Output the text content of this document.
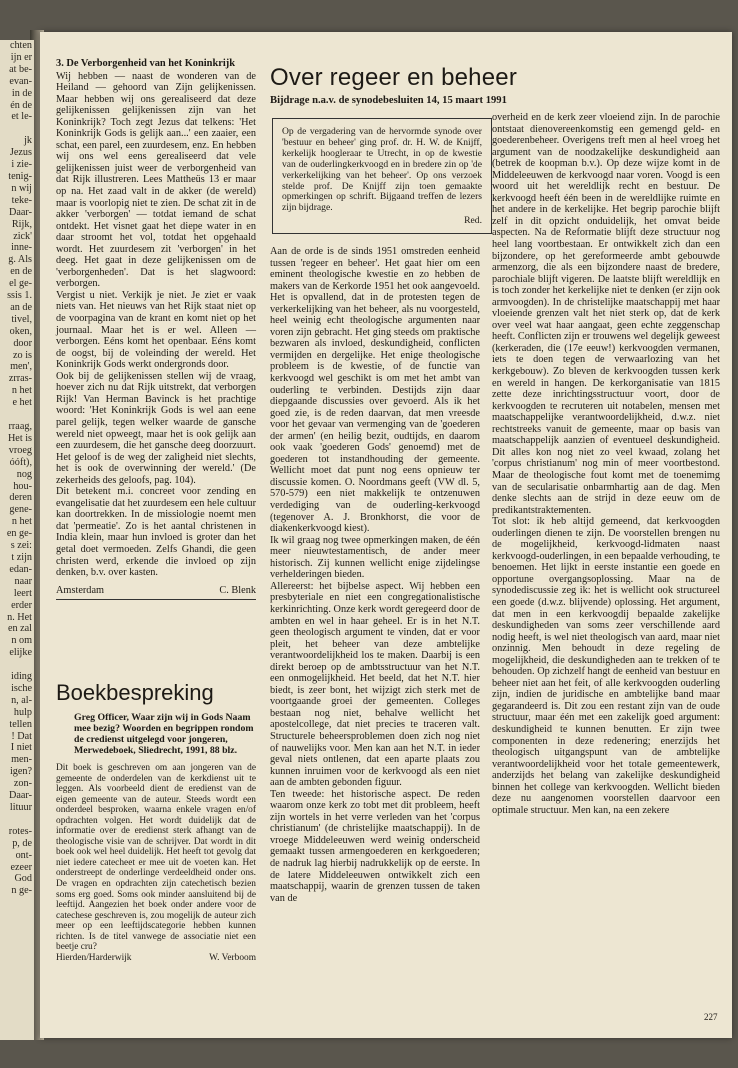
chten

ijn er

at be-

evan-

in de

én de

et le-

jk

Jezus

i zie-

tenig-

n wij

teke-

Daar-

Rijk,

zick'

inne-

g. Als

en de

el ge-

ssis 1.

an de

tivel,

oken,

door

zo is

men',

zrras-

n het

e het

rraag,

Het is

vroeg

óóft),

nog

hou-

deren

gene-

n het

en ge-

s zei:

t zijn

edan-

naar

leert

erder

n. Het

en zal

n om

elijke

iding

ische

n, al-

hulp

tellen

! Dat

I niet

men-

igen?

zon-

Daar-

lituur

rotes-

p, de

ont-

ezeer

God

n ge-

3. De Verborgenheid van het Koninkrijk

Wij hebben — naast de wonderen van de Heiland — gehoord van Zijn gelijkenissen. Maar hebben wij ons gerealiseerd dat deze gelijkenissen gelijkenissen zijn van het Koninkrijk? Toch zegt Jezus dat telkens: 'Het Koninkrijk Gods is gelijk aan...' een zaaier, een schat, een parel, een zuurdesem, enz. En hebben wij ons wel eens gerealiseerd dat vele gelijkenissen juist weer de verborgenheid van dat Rijk illustreren. Lees Mattheüs 13 er maar op na. Het zaad valt in de akker (de wereld) maar is voorlopig niet te zien. De schat zit in de akker 'verborgen' — totdat iemand de schat ontdekt. Het visnet gaat het diepe water in en daar stroomt het vol, totdat het opgehaald wordt. Het zuurdesem zit 'verborgen' in het deeg. Het gaat in deze gelijkenissen om de 'verborgenheden'. Dat is het slagwoord: verborgen.

Vergist u niet. Verkijk je niet. Je ziet er vaak niets van. Het nieuws van het Rijk staat niet op de voorpagina van de krant en komt niet op het journaal. Maar het is er wel. Alleen — verborgen. Eéns komt het openbaar. Eéns komt de oogst, bij de voleinding der wereld. Het Koninkrijk Gods werkt ondergronds door.

Ook bij de gelijkenissen stellen wij de vraag, hoever zich nu dat Rijk uitstrekt, dat verborgen Rijk! Van Herman Bavinck is het prachtige woord: 'Het Koninkrijk Gods is wel aan eene parel gelijk, tegen welker waarde de gansche wereld niet opweegt, maar het is ook gelijk aan een zuurdesem, die het gansche deeg doorzuurt. Het geloof is de weg der zaligheid niet slechts, het is ook de overwinning der wereld.' (De zekerheids des geloofs, pag. 104).

Dit betekent m.i. concreet voor zending en evangelisatie dat het zuurdesem een hele cultuur kan doortrekken. In de missiologie noemt men dat 'permeatie'. Zo is het aantal christenen in India klein, maar hun invloed is groter dan het getal doet vermoeden. Zelfs Ghandi, die geen christen werd, erkende die invloed op zijn denken, b.v. over kasten.

Amsterdam	C. Blenk
Boekbespreking

Greg Officer, Waar zijn wij in Gods Naam mee bezig? Woorden en begrippen rondom de credienst uitgelegd voor jongeren, Merwedeboek, Sliedrecht, 1991, 88 blz.

Dit boek is geschreven om aan jongeren van de gemeente de onderdelen van de kerkdienst uit te leggen. Als voorbeeld dient de eredienst van de eigen gemeente van de auteur. Steeds wordt een onderdeel besproken, waarna enkele vragen en/of opdrachten volgen. Het wordt duidelijk dat de informatie over de eredienst sterk afhangt van de theologische visie van de schrijver. Dat wordt in dit boek ook wel heel duidelijk. Het heeft tot gevolg dat niet iedere catecheet er mee uit de voeten kan. Het onderstreept de onderlinge verdeeldheid onder ons. De vragen en opdrachten zijn catechetisch bezien soms erg goed. Soms ook minder aansluitend bij de leeftijd. Aangezien het boek onder andere voor de catechese geschreven is, zou mogelijk de auteur zich meer op een leeftijdscategorie hebben kunnen richten. Is de titel vanwege de associatie niet een beetje cru?

Hierden/Harderwijk	W. Verboom
Over regeer en beheer

Bijdrage n.a.v. de synodebesluiten 14, 15 maart 1991

Op de vergadering van de hervormde synode over 'bestuur en beheer' ging prof. dr. H. W. de Knijff, kerkelijk hoogleraar te Utrecht, in op de kwestie van de ouderlingkerkvoogd en in bredere zin op 'de verkerkelijking van het beheer'. Op ons verzoek stelde prof. De Knijff zijn toen gemaakte opmerkingen op schrift. Bijgaand treffen de lezers zijn bijdrage.
Red.

Aan de orde is de sinds 1951 omstreden eenheid tussen 'regeer en beheer'. Het gaat hier om een eminent theologische kwestie en zo hebben de makers van de Kerkorde 1951 het ook aangevoeld. Het is opvallend, dat in de protesten tegen de verkerkelijking van het beheer, als nu voorgesteld, heel weinig echt theologische argumenten naar voren zijn gebracht. Het ging steeds om praktische bezwaren als invloed, deskundigheid, conflicten vermijden en dergelijke. Het enige theologische probleem is de kwestie, of de functie van kerkvoogd wel geschikt is om met het ambt van ouderling te verbinden. Destijds zijn daar diepgaande discussies over gevoerd. Als ik het goed zie, is de reden daarvan, dat men vreesde voor het gevaar van vermenging van de 'goederen der armen' (en heilig bezit, oudtijds, en daarom ook vaak 'goederen Gods' genoemd) met de goederen tot instandhouding der gemeente. Wellicht moet dat punt nog eens opnieuw ter discussie komen. O. Noordmans geeft (VW dl. 5, 570-579) een niet makkelijk te ontzenuwen verdediging van de ouderling-kerkvoogd (tegenover A. J. Bronkhorst, die voor de diakenkerkvoogd kiest).

Ik wil graag nog twee opmerkingen maken, de één meer nieuwtestamentisch, de ander meer historisch. Zij kunnen wellicht enige zijdelingse verhelderingen bieden.

Allereerst: het bijbelse aspect. Wij hebben een presbyteriale en niet een congregationalistische kerkinrichting. Onze kerk wordt geregeerd door de ambten en wel in haar geheel. Er is in het N.T. geen theologisch argument te vinden, dat er voor pleit, het beheer van deze ambtelijke verantwoordelijkheid los te maken. Daarbij is een direkt beroep op de ambtsstructuur van het N.T. een onmogelijkheid. Het beeld, dat het N.T. hier biedt, is zeer bont, het wijzigt zich sterk met de voortgaande groei der gemeenten. Colleges bestaan nog niet, behalve wellicht het apostelcollege, dat niet precies te traceren valt. Structurele beheersproblemen doen zich nog niet of nauwelijks voor. Men kan aan het N.T. in ieder geval niets ontlenen, dat een aparte plaats zou kunnen inruimen voor de kerkvoogd als een niet aan de ambten gebonden figuur.

Ten tweede: het historische aspect. De reden waarom onze kerk zo tobt met dit probleem, heeft zijn wortels in het verre verleden van het 'corpus christianum' (de christelijke maatschappij). In de vroege Middeleeuwen werd weinig onderscheid gemaakt tussen armengoederen en kerkgoederen; de nadruk lag hierbij nadrukkelijk op de eerste. In de latere Middeleeuwen ontwikkelt zich een maatschappij, waarin de grenzen tussen de taken van de

overheid en de kerk zeer vloeiend zijn. In de parochie ontstaat dienovereenkomstig een gemengd geld- en goederenbeheer. Overigens treft men al heel vroeg het argument van de noodzakelijke deskundigheid aan (betrek de koopman b.v.). Op deze wijze komt in de Middeleeuwen de kerkvoogd naar voren. Voogd is een woord uit het wereldlijk recht en bestuur. De kerkvoogd heeft één been in de wereldlijke ruimte en het andere in de kerkelijke. Het begrip parochie blijft zelf in dit opzicht onduidelijk, het omvat beide aspecten. Na de Reformatie blijft deze structuur nog heel lang voortbestaan. Er ontwikkelt zich dan een bijzondere, op het gereformeerde ambt gebouwde armenzorg, die als een bijzondere naast de bredere, parochiale blijft vigeren. De laatste blijft wereldlijk en is toch zonder het kerkelijke niet te denken (er zijn ook armvoogden). In de christelijke maatschappij met haar vloeiende grenzen valt het niet sterk op, dat de kerk over veel wat haar aangaat, geen echte zeggenschap heeft. Conflicten zijn er trouwens wel degelijk geweest (kerkeraden, die (17e eeuw!) kerkvoogden vermanen, iets te doen tegen de verwaarlozing van het kerkgebouw). Zo bleven de kerkvoogden tussen kerk en wereld in hangen. De kerkorganisatie van 1815 zette deze inrichtingsstructuur voort, door de kerkvoogden te recruteren uit notabelen, mensen met maatschappelijke verantwoordelijkheid, d.w.z. niet rechtstreeks vanuit de gemeente, maar op basis van maatschappelijk aanzien of eventueel deskundigheid. Dit alles kon nog niet zo veel kwaad, zolang het 'corpus christianum' nog min of meer voortbestond. Maar de theologische fout komt met de toenemimg van de secularisatie onbarmhartig aan de dag. Men denke slechts aan de strijd in deze eeuw om de predikantstraktementen.

Tot slot: ik heb altijd gemeend, dat kerkvoogden ouderlingen dienen te zijn. De voorstellen brengen nu de mogelijkheid, kerkvoogd-lidmaten naast kerkvoogd-ouderlingen, in een bepaalde verhouding, te benoemen. Het lijkt in eerste instantie een goede en opportune overgangsoplossing. Maar na de synodediscussie zeg ik: het is wellicht ook structureel een goede (d.w.z. blijvende) oplossing. Het argument, dat men in een kerkvoogdij bepaalde zakelijke deskundigheden van soms zeer verschillende aard nodig heeft, is wel niet theologisch van aard, maar niet onzinnig. Men behoudt in deze regeling de mogelijkheid, die deskundigheden aan te trekken of te behouden. Op zichzelf hangt de eenheid van bestuur en beheer niet aan het feit, of alle kerkvoogden ouderling zijn, indien de juridische en ambtelijke band maar gegarandeerd is. Dit zou een restant zijn van de oude structuur, maar één met een zakelijk goed argument: deskundigheid te kunnen benutten. Er zijn twee componenten in deze redenering; enerzijds het theologisch uitgangspunt van de ambtelijke verantwoordelijkheid voor het totale gemeentewerk, anderzijds het belang van zakelijke deskundigheid binnen het college van kerkvoogden. Wellicht bieden deze nu aangenomen voorstellen daarvoor een optimale structuur. Men kan, na een zekere

227
